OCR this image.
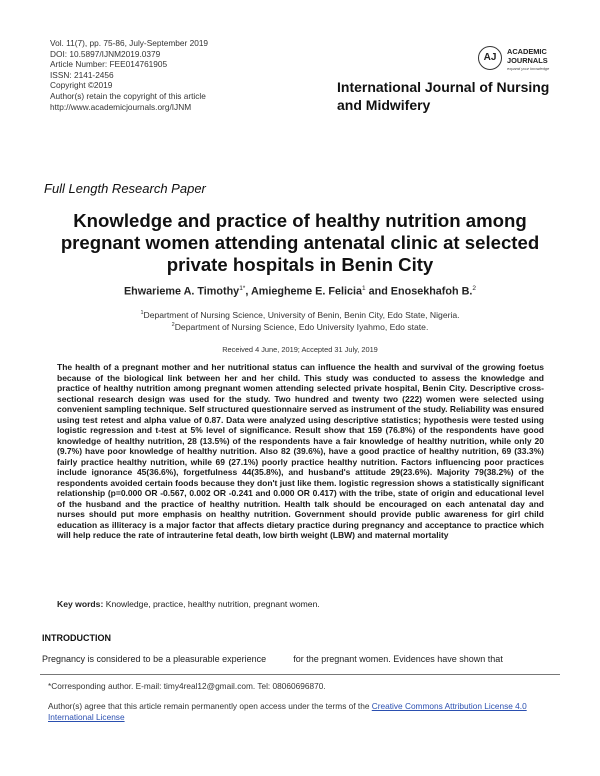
Vol. 11(7), pp. 75-86, July-September 2019
DOI: 10.5897/IJNM2019.0379
Article Number: FEE014761905
ISSN: 2141-2456
Copyright ©2019
Author(s) retain the copyright of this article
http://www.academicjournals.org/IJNM
AJ
ACADEMIC
JOURNALS
expand your knowledge
International Journal of Nursing and Midwifery
Full Length Research Paper
Knowledge and practice of healthy nutrition among pregnant women attending antenatal clinic at selected private hospitals in Benin City
Ehwarieme A. Timothy$^{1*}$, Amiegheme E. Felicia$^1$ and Enosekhafoh B.$^2$
$^1$Department of Nursing Science, University of Benin, Benin City, Edo State, Nigeria.
$^2$Department of Nursing Science, Edo University Iyahmo, Edo state.
Received 4 June, 2019; Accepted 31 July, 2019
The health of a pregnant mother and her nutritional status can influence the health and survival of the growing foetus because of the biological link between her and her child. This study was conducted to assess the knowledge and practice of healthy nutrition among pregnant women attending selected private hospital, Benin City. Descriptive cross-sectional research design was used for the study. Two hundred and twenty two (222) women were selected using convenient sampling technique. Self structured questionnaire served as instrument of the study. Reliability was ensured using test retest and alpha value of 0.87. Data were analyzed using descriptive statistics; hypothesis were tested using logistic regression and t-test at 5% level of significance. Result show that 159 (76.8%) of the respondents have good knowledge of healthy nutrition, 28 (13.5%) of the respondents have a fair knowledge of healthy nutrition, while only 20 (9.7%) have poor knowledge of healthy nutrition. Also 82 (39.6%), have a good practice of healthy nutrition, 69 (33.3%) fairly practice healthy nutrition, while 69 (27.1%) poorly practice healthy nutrition. Factors influencing poor practices include ignorance 45(36.6%), forgetfulness 44(35.8%), and husband's attitude 29(23.6%). Majority 79(38.2%) of the respondents avoided certain foods because they don't just like them. logistic regression shows a statistically significant relationship (p=0.000 OR -0.567, 0.002 OR -0.241 and 0.000 OR 0.417) with the tribe, state of origin and educational level of the husband and the practice of healthy nutrition. Health talk should be encouraged on each antenatal day and nurses should put more emphasis on healthy nutrition. Government should provide public awareness for girl child education as illiteracy is a major factor that affects dietary practice during pregnancy and acceptance to practice which will help reduce the rate of intrauterine fetal death, low birth weight (LBW) and maternal mortality
Key words: Knowledge, practice, healthy nutrition, pregnant women.
INTRODUCTION
Pregnancy is considered to be a pleasurable experience	for the pregnant women. Evidences have shown that
*Corresponding author. E-mail: timy4real12@gmail.com. Tel: 08060696870.
Author(s) agree that this article remain permanently open access under the terms of the Creative Commons Attribution License 4.0 International License
